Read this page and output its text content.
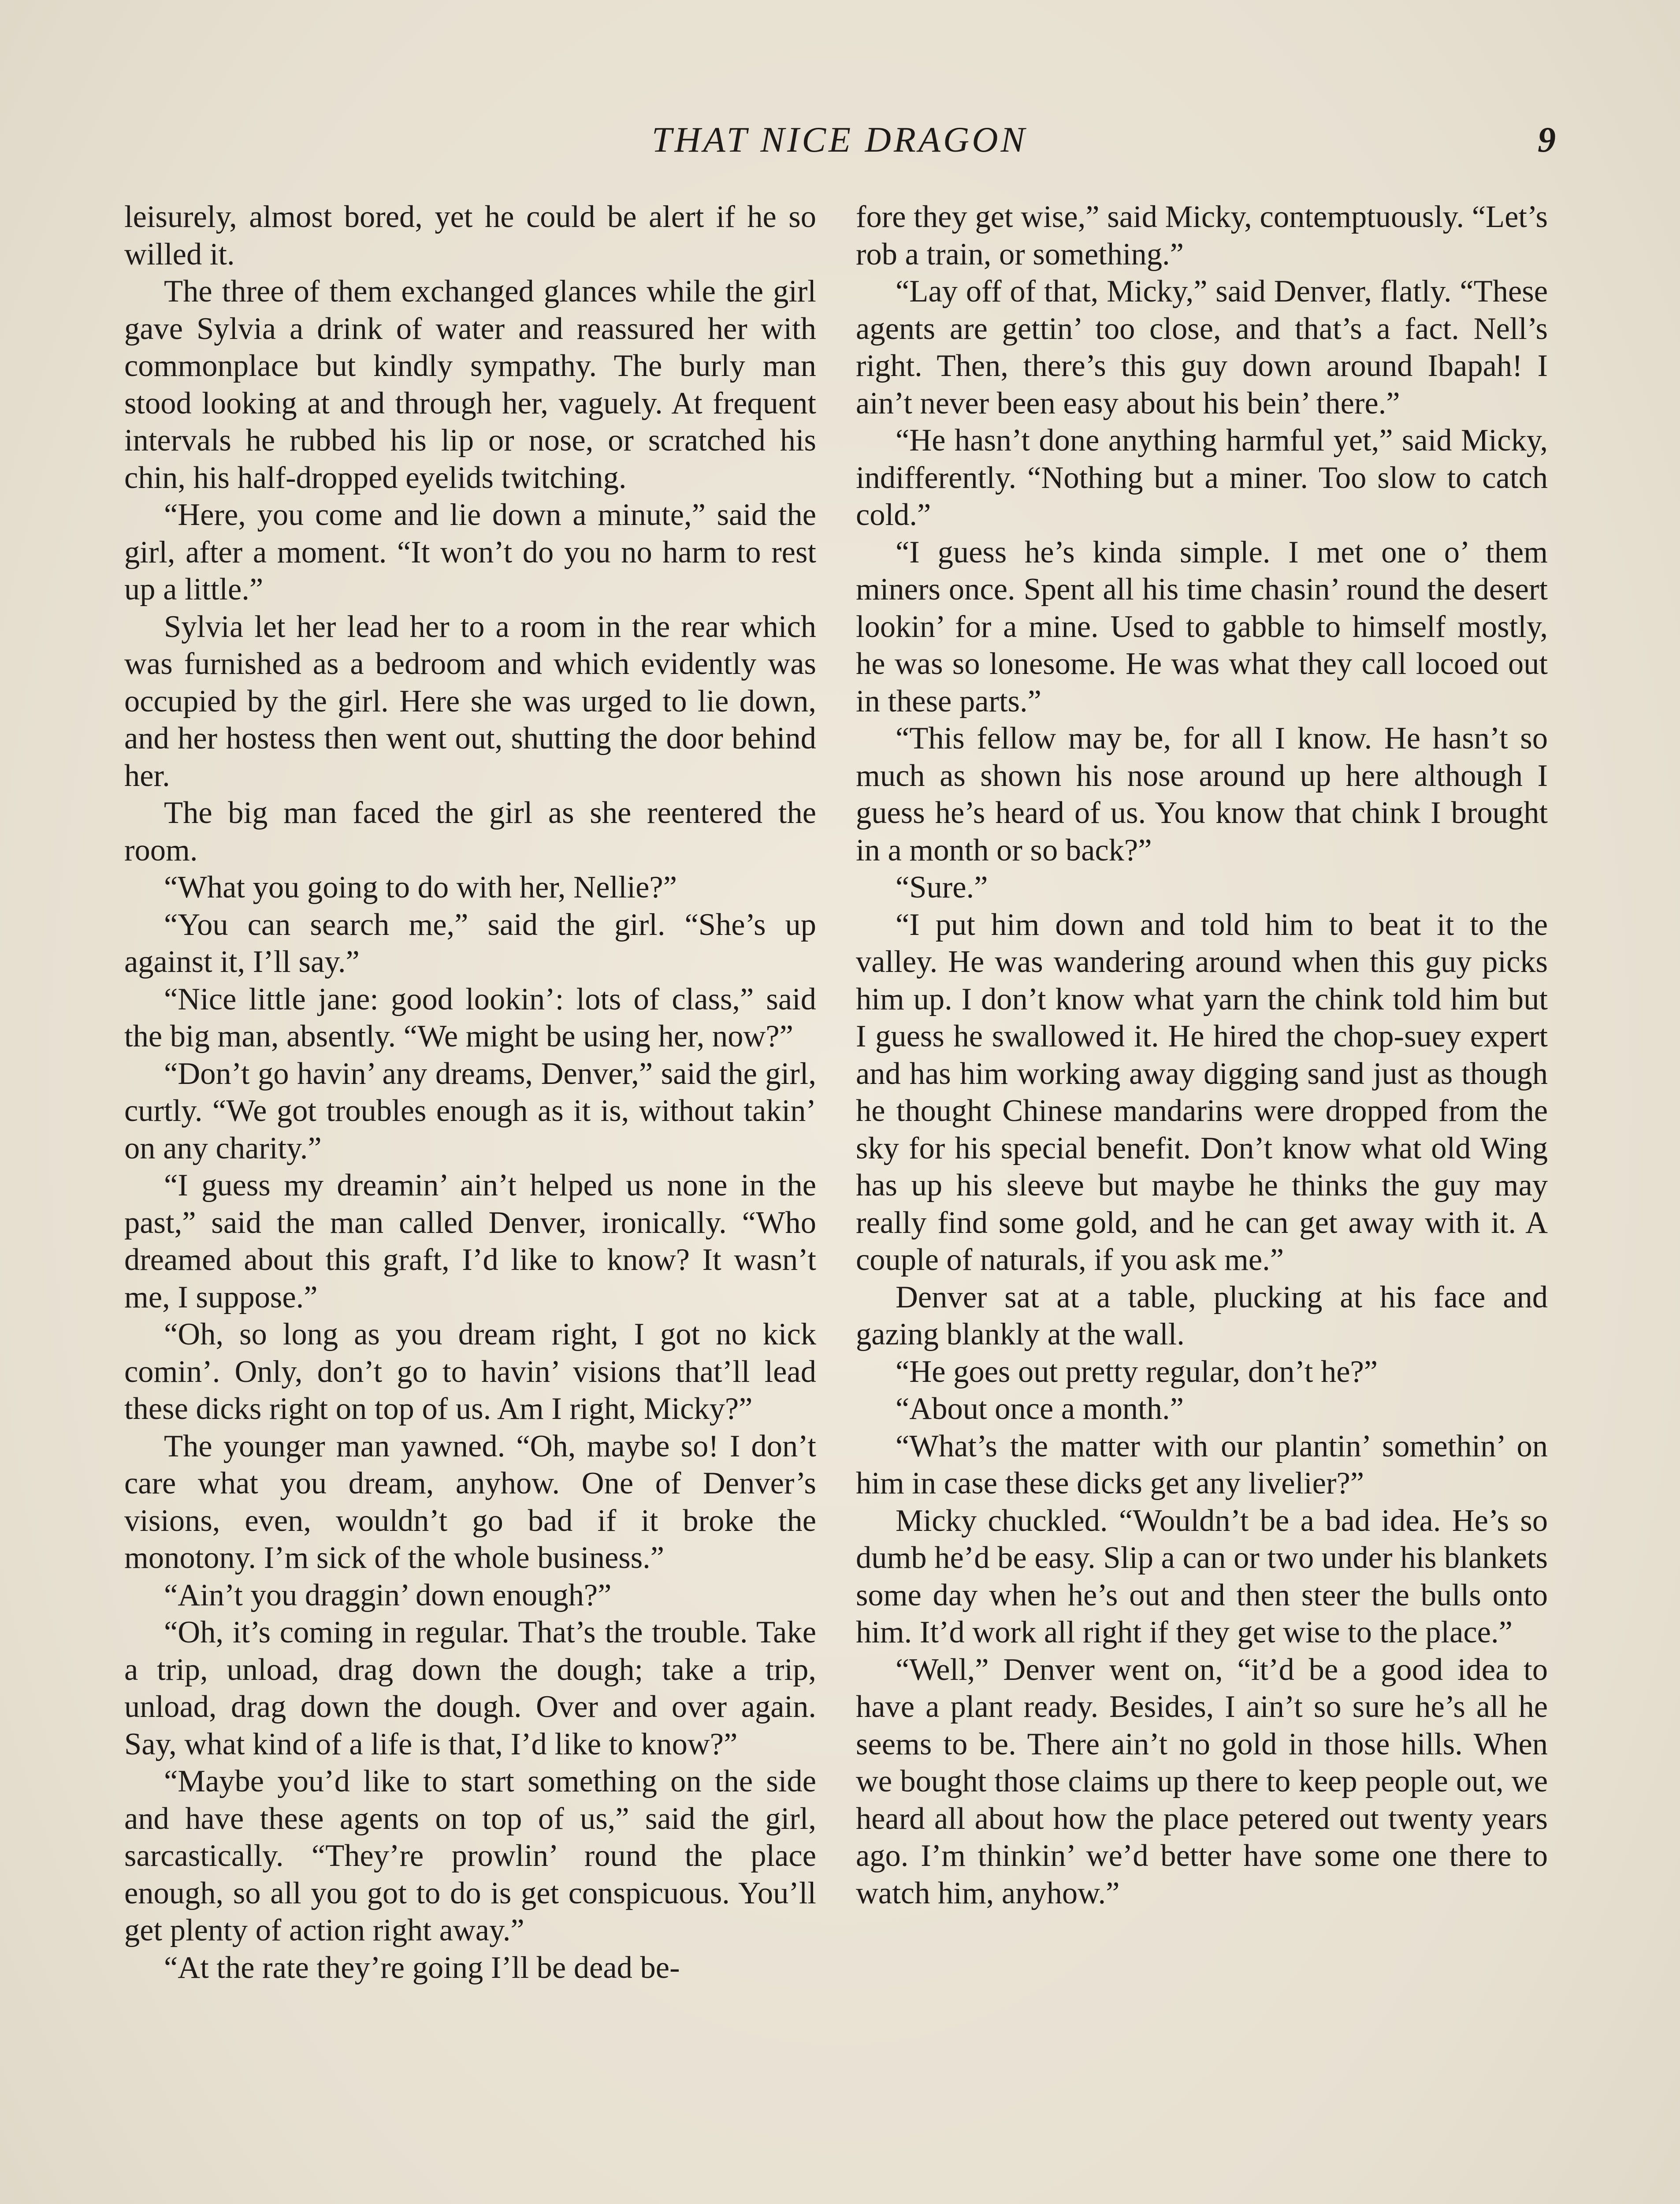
THAT NICE DRAGON	9

leisurely, almost bored, yet he could be alert if he so willed it.

The three of them exchanged glances while the girl gave Sylvia a drink of water and reassured her with commonplace but kindly sympathy. The burly man stood looking at and through her, vaguely. At frequent intervals he rubbed his lip or nose, or scratched his chin, his half-dropped eyelids twitching.

“Here, you come and lie down a minute,” said the girl, after a moment. “It won’t do you no harm to rest up a little.”

Sylvia let her lead her to a room in the rear which was furnished as a bedroom and which evidently was occupied by the girl. Here she was urged to lie down, and her hostess then went out, shutting the door behind her.

The big man faced the girl as she reentered the room.

“What you going to do with her, Nellie?”

“You can search me,” said the girl. “She’s up against it, I’ll say.”

“Nice little jane: good lookin’: lots of class,” said the big man, absently. “We might be using her, now?”

“Don’t go havin’ any dreams, Denver,” said the girl, curtly. “We got troubles enough as it is, without takin’ on any charity.”

“I guess my dreamin’ ain’t helped us none in the past,” said the man called Denver, ironically. “Who dreamed about this graft, I’d like to know? It wasn’t me, I suppose.”

“Oh, so long as you dream right, I got no kick comin’. Only, don’t go to havin’ visions that’ll lead these dicks right on top of us. Am I right, Micky?”

The younger man yawned. “Oh, maybe so! I don’t care what you dream, anyhow. One of Denver’s visions, even, wouldn’t go bad if it broke the monotony. I’m sick of the whole business.”

“Ain’t you draggin’ down enough?”

“Oh, it’s coming in regular. That’s the trouble. Take a trip, unload, drag down the dough; take a trip, unload, drag down the dough. Over and over again. Say, what kind of a life is that, I’d like to know?”

“Maybe you’d like to start something on the side and have these agents on top of us,” said the girl, sarcastically. “They’re prowlin’ round the place enough, so all you got to do is get conspicuous. You’ll get plenty of action right away.”

“At the rate they’re going I’ll be dead be-

fore they get wise,” said Micky, contemptuously. “Let’s rob a train, or something.”

“Lay off of that, Micky,” said Denver, flatly. “These agents are gettin’ too close, and that’s a fact. Nell’s right. Then, there’s this guy down around Ibapah! I ain’t never been easy about his bein’ there.”

“He hasn’t done anything harmful yet,” said Micky, indifferently. “Nothing but a miner. Too slow to catch cold.”

“I guess he’s kinda simple. I met one o’ them miners once. Spent all his time chasin’ round the desert lookin’ for a mine. Used to gabble to himself mostly, he was so lonesome. He was what they call locoed out in these parts.”

“This fellow may be, for all I know. He hasn’t so much as shown his nose around up here although I guess he’s heard of us. You know that chink I brought in a month or so back?”

“Sure.”

“I put him down and told him to beat it to the valley. He was wandering around when this guy picks him up. I don’t know what yarn the chink told him but I guess he swallowed it. He hired the chop-suey expert and has him working away digging sand just as though he thought Chinese mandarins were dropped from the sky for his special benefit. Don’t know what old Wing has up his sleeve but maybe he thinks the guy may really find some gold, and he can get away with it. A couple of naturals, if you ask me.”

Denver sat at a table, plucking at his face and gazing blankly at the wall.

“He goes out pretty regular, don’t he?”

“About once a month.”

“What’s the matter with our plantin’ somethin’ on him in case these dicks get any livelier?”

Micky chuckled. “Wouldn’t be a bad idea. He’s so dumb he’d be easy. Slip a can or two under his blankets some day when he’s out and then steer the bulls onto him. It’d work all right if they get wise to the place.”

“Well,” Denver went on, “it’d be a good idea to have a plant ready. Besides, I ain’t so sure he’s all he seems to be. There ain’t no gold in those hills. When we bought those claims up there to keep people out, we heard all about how the place petered out twenty years ago. I’m thinkin’ we’d better have some one there to watch him, anyhow.”
